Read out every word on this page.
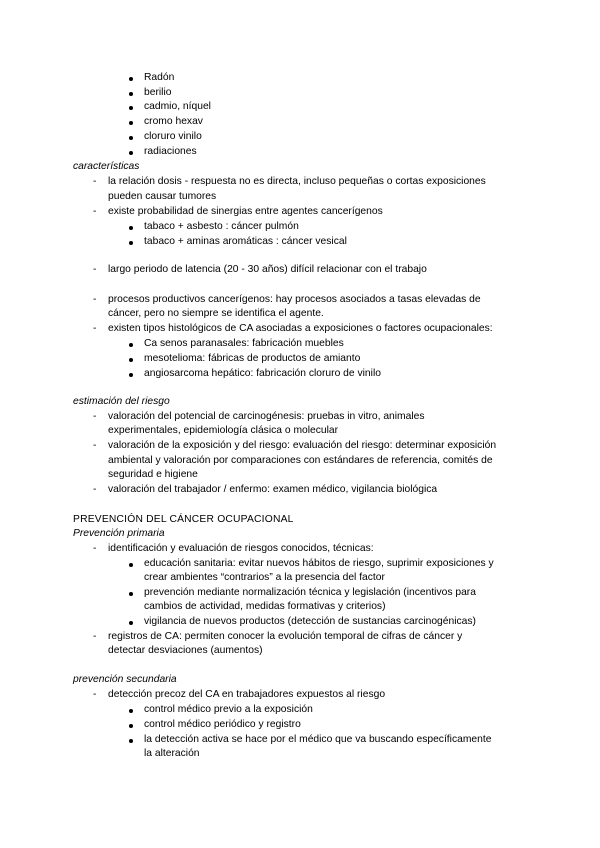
Radón
berilio
cadmio, níquel
cromo hexav
cloruro vinilo
radiaciones
características
- la relación dosis - respuesta no es directa, incluso pequeñas o cortas exposiciones
pueden causar tumores
- existe probabilidad de sinergias entre agentes cancerígenos
tabaco + asbesto : cáncer pulmón
tabaco + aminas aromáticas : cáncer vesical
- largo periodo de latencia (20 - 30 años) difícil relacionar con el trabajo
- procesos productivos cancerígenos: hay procesos asociados a tasas elevadas de
cáncer, pero no siempre se identifica el agente.
- existen tipos histológicos de CA asociadas a exposiciones o factores ocupacionales:
Ca senos paranasales: fabricación muebles
mesotelioma: fábricas de productos de amianto
angiosarcoma hepático: fabricación cloruro de vinilo
estimación del riesgo
- valoración del potencial de carcinogénesis: pruebas in vitro, animales
experimentales, epidemiología clásica o molecular
- valoración de la exposición y del riesgo: evaluación del riesgo: determinar exposición
ambiental y valoración por comparaciones con estándares de referencia, comités de
seguridad e higiene
- valoración del trabajador / enfermo: examen médico, vigilancia biológica
PREVENCIÓN DEL CÁNCER OCUPACIONAL
Prevención primaria
- identificación y evaluación de riesgos conocidos, técnicas:
educación sanitaria: evitar nuevos hábitos de riesgo, suprimir exposiciones y
crear ambientes “contrarios” a la presencia del factor
prevención mediante normalización técnica y legislación (incentivos para
cambios de actividad, medidas formativas y criterios)
vigilancia de nuevos productos (detección de sustancias carcinogénicas)
- registros de CA: permiten conocer la evolución temporal de cifras de cáncer y
detectar desviaciones (aumentos)
prevención secundaria
- detección precoz del CA en trabajadores expuestos al riesgo
control médico previo a la exposición
control médico periódico y registro
la detección activa se hace por el médico que va buscando específicamente
la alteración
